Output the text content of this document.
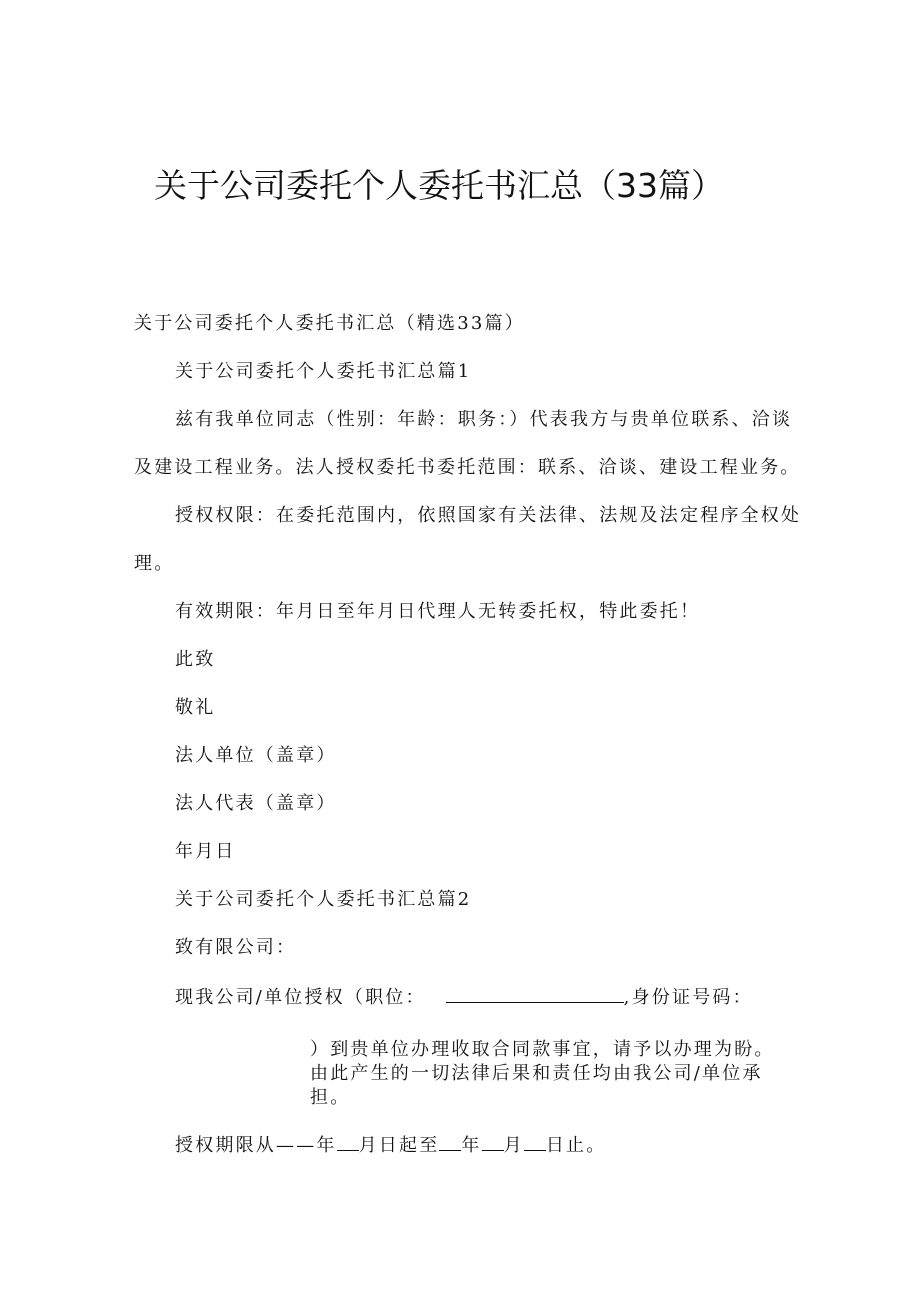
关于公司委托个人委托书汇总（33篇）
关于公司委托个人委托书汇总（精选33篇）
关于公司委托个人委托书汇总篇1
兹有我单位同志（性别：年龄：职务：）代表我方与贵单位联系、洽谈
及建设工程业务。法人授权委托书委托范围：联系、洽谈、建设工程业务。
授权权限：在委托范围内，依照国家有关法律、法规及法定程序全权处
理。
有效期限：年月日至年月日代理人无转委托权，特此委托！
此致
敬礼
法人单位（盖章）
法人代表（盖章）
年月日
关于公司委托个人委托书汇总篇2
致有限公司：
现我公司/单位授权（职位：	,身份证号码：
）到贵单位办理收取合同款事宜，请予以办理为盼。
由此产生的一切法律后果和责任均由我公司/单位承
担。
授权期限从——年 月日起至 年 月 日止。
